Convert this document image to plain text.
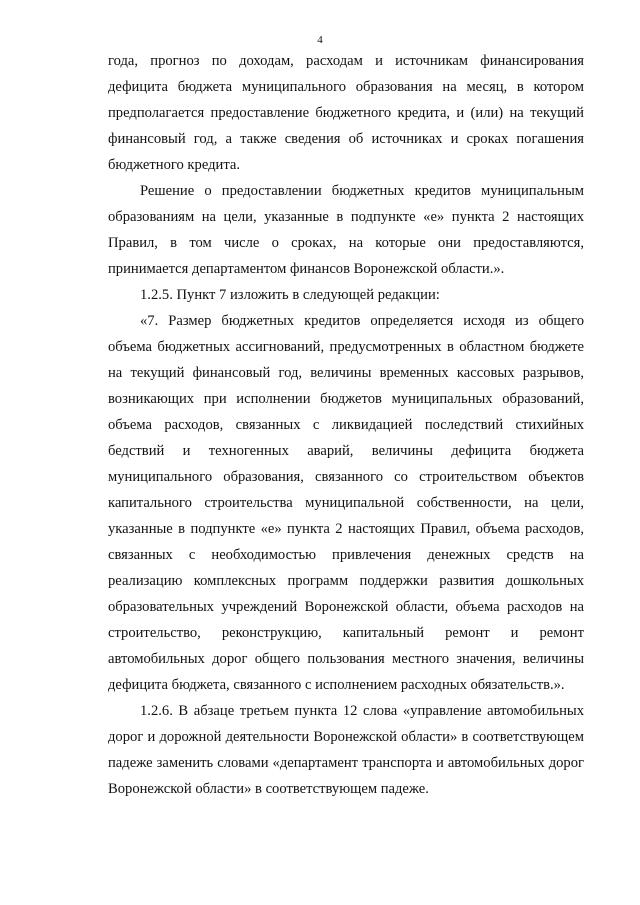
4

года, прогноз по доходам, расходам и источникам финансирования дефицита бюджета муниципального образования на месяц, в котором предполагается предоставление бюджетного кредита, и (или) на текущий финансовый год, а также сведения об источниках и сроках погашения бюджетного кредита.

Решение о предоставлении бюджетных кредитов муниципальным образованиям на цели, указанные в подпункте «е» пункта 2 настоящих Правил, в том числе о сроках, на которые они предоставляются, принимается департаментом финансов Воронежской области.».

1.2.5. Пункт 7 изложить в следующей редакции:

«7. Размер бюджетных кредитов определяется исходя из общего объема бюджетных ассигнований, предусмотренных в областном бюджете на текущий финансовый год, величины временных кассовых разрывов, возникающих при исполнении бюджетов муниципальных образований, объема расходов, связанных с ликвидацией последствий стихийных бедствий и техногенных аварий, величины дефицита бюджета муниципального образования, связанного со строительством объектов капитального строительства муниципальной собственности, на цели, указанные в подпункте «е» пункта 2 настоящих Правил, объема расходов, связанных с необходимостью привлечения денежных средств на реализацию комплексных программ поддержки развития дошкольных образовательных учреждений Воронежской области, объема расходов на строительство, реконструкцию, капитальный ремонт и ремонт автомобильных дорог общего пользования местного значения, величины дефицита бюджета, связанного с исполнением расходных обязательств.».

1.2.6. В абзаце третьем пункта 12 слова «управление автомобильных дорог и дорожной деятельности Воронежской области» в соответствующем падеже заменить словами «департамент транспорта и автомобильных дорог Воронежской области» в соответствующем падеже.
